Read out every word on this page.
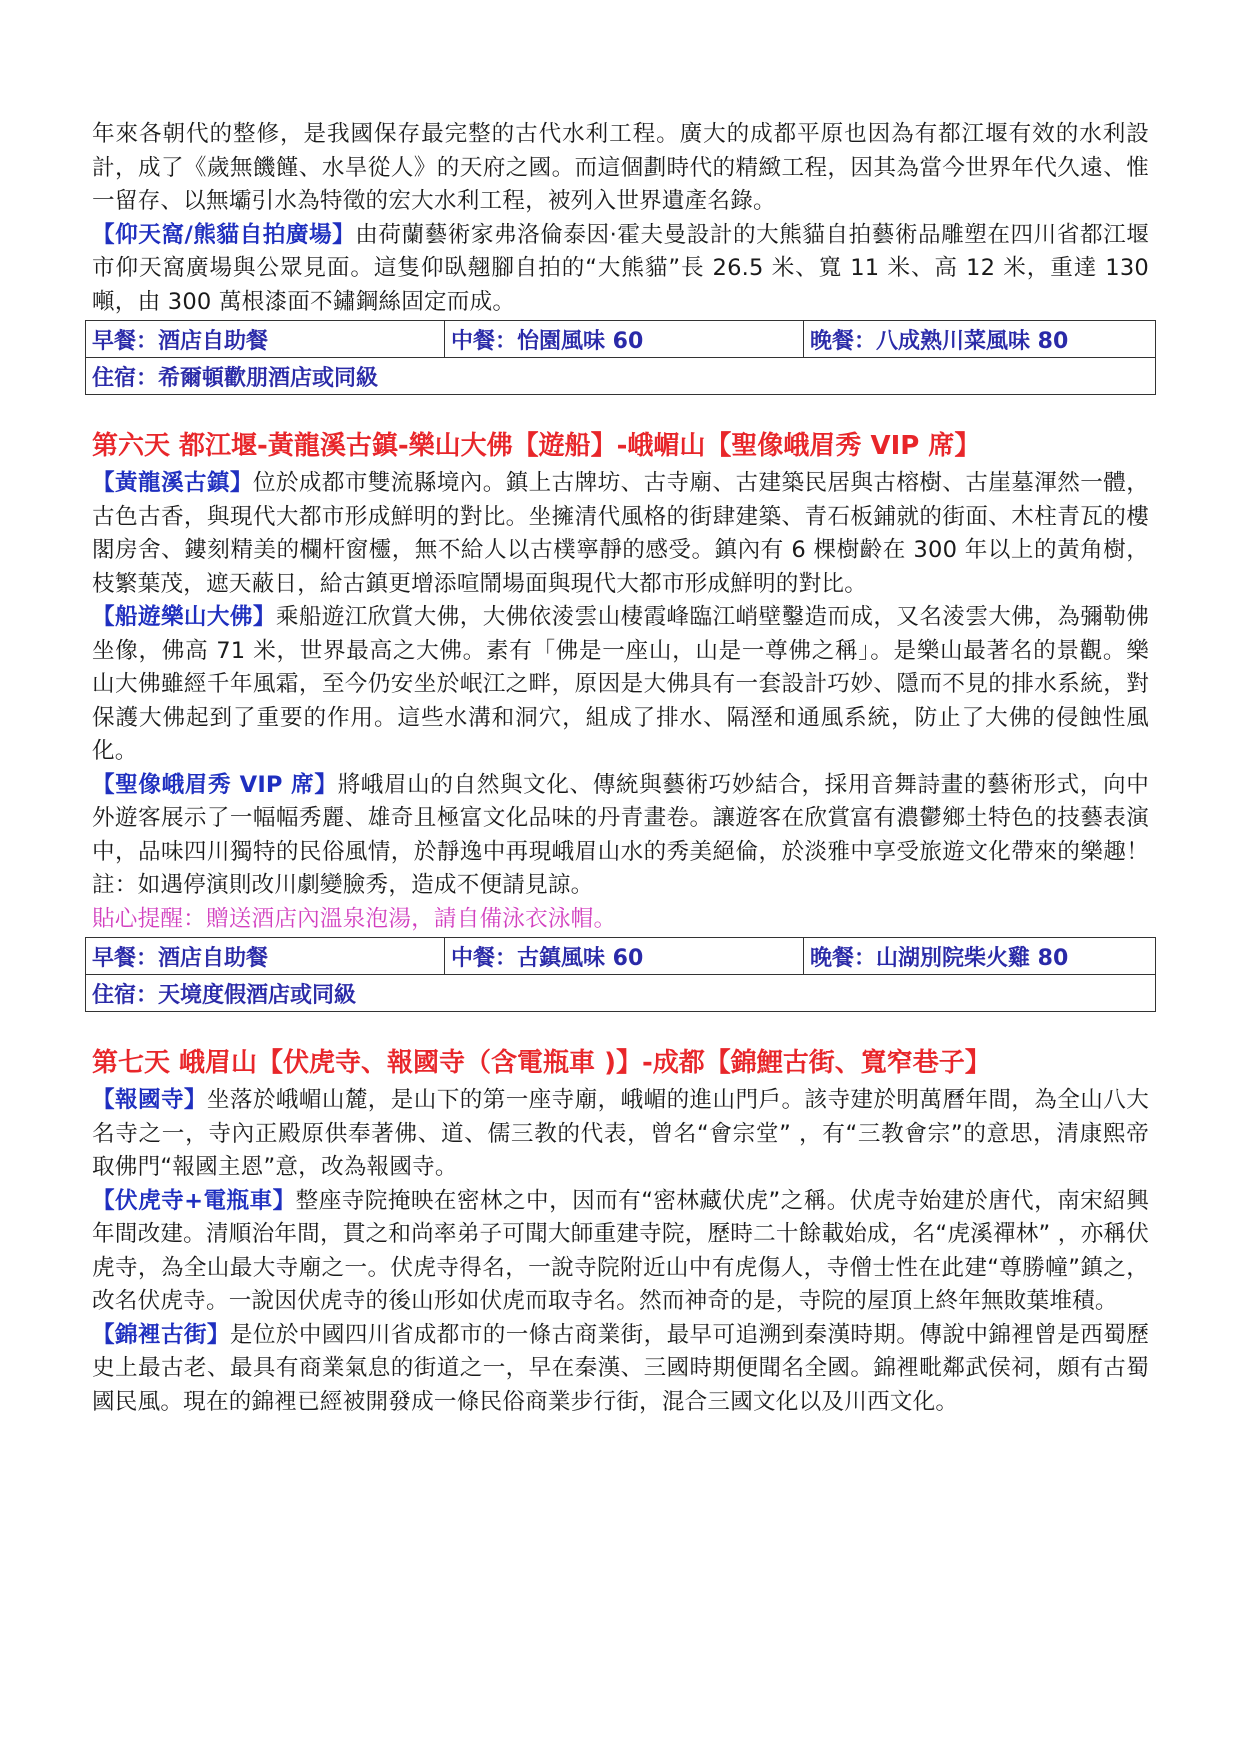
年來各朝代的整修，是我國保存最完整的古代水利工程。廣大的成都平原也因為有都江堰有效的水利設計，成了《歲無饑饉、水旱從人》的天府之國。而這個劃時代的精緻工程，因其為當今世界年代久遠、惟一留存、以無壩引水為特徵的宏大水利工程，被列入世界遺產名錄。

【仰天窩/熊貓自拍廣場】由荷蘭藝術家弗洛倫泰因·霍夫曼設計的大熊貓自拍藝術品雕塑在四川省都江堰市仰天窩廣場與公眾見面。這隻仰臥翹腳自拍的“大熊貓”長 26.5 米、寬 11 米、高 12 米，重達 130 噸，由 300 萬根漆面不鏽鋼絲固定而成。

早餐：酒店自助餐	中餐：怡園風味 60	晚餐：八成熟川菜風味 80
住宿：希爾頓歡朋酒店或同級
第六天 都江堰-黃龍溪古鎮-樂山大佛【遊船】-峨嵋山【聖像峨眉秀 VIP 席】

【黃龍溪古鎮】位於成都市雙流縣境內。鎮上古牌坊、古寺廟、古建築民居與古榕樹、古崖墓渾然一體，古色古香，與現代大都市形成鮮明的對比。坐擁清代風格的街肆建築、青石板鋪就的街面、木柱青瓦的樓閣房舍、鏤刻精美的欄杆窗欞，無不給人以古樸寧靜的感受。鎮內有 6 棵樹齡在 300 年以上的黃角樹，枝繁葉茂，遮天蔽日，給古鎮更增添喧鬧場面與現代大都市形成鮮明的對比。

【船遊樂山大佛】乘船遊江欣賞大佛，大佛依淩雲山棲霞峰臨江峭壁鑿造而成，又名淩雲大佛，為彌勒佛坐像，佛高 71 米，世界最高之大佛。素有「佛是一座山，山是一尊佛之稱」。是樂山最著名的景觀。樂山大佛雖經千年風霜，至今仍安坐於岷江之畔，原因是大佛具有一套設計巧妙、隱而不見的排水系統，對保護大佛起到了重要的作用。這些水溝和洞穴，組成了排水、隔溼和通風系統，防止了大佛的侵蝕性風化。

【聖像峨眉秀 VIP 席】將峨眉山的自然與文化、傳統與藝術巧妙結合，採用音舞詩畫的藝術形式，向中外遊客展示了一幅幅秀麗、雄奇且極富文化品味的丹青畫卷。讓遊客在欣賞富有濃鬱鄉土特色的技藝表演中，品味四川獨特的民俗風情，於靜逸中再現峨眉山水的秀美絕倫，於淡雅中享受旅遊文化帶來的樂趣！註：如遇停演則改川劇變臉秀，造成不便請見諒。

貼心提醒：贈送酒店內溫泉泡湯，請自備泳衣泳帽。

早餐：酒店自助餐	中餐：古鎮風味 60	晚餐：山湖別院柴火雞 80
住宿：天境度假酒店或同級
第七天 峨眉山【伏虎寺、報國寺（含電瓶車 )】-成都【錦鯉古街、寬窄巷子】

【報國寺】坐落於峨嵋山麓，是山下的第一座寺廟，峨嵋的進山門戶。該寺建於明萬曆年間，為全山八大名寺之一，寺內正殿原供奉著佛、道、儒三教的代表，曾名“會宗堂” ，有“三教會宗”的意思，清康熙帝取佛門“報國主恩”意，改為報國寺。

【伏虎寺+電瓶車】整座寺院掩映在密林之中，因而有“密林藏伏虎”之稱。伏虎寺始建於唐代，南宋紹興年間改建。清順治年間，貫之和尚率弟子可聞大師重建寺院，歷時二十餘載始成，名“虎溪禪林” ，亦稱伏虎寺，為全山最大寺廟之一。伏虎寺得名，一說寺院附近山中有虎傷人，寺僧士性在此建“尊勝幢”鎮之，改名伏虎寺。一說因伏虎寺的後山形如伏虎而取寺名。然而神奇的是，寺院的屋頂上終年無敗葉堆積。

【錦裡古街】是位於中國四川省成都市的一條古商業街，最早可追溯到秦漢時期。傳說中錦裡曾是西蜀歷史上最古老、最具有商業氣息的街道之一，早在秦漢、三國時期便聞名全國。錦裡毗鄰武侯祠，頗有古蜀國民風。現在的錦裡已經被開發成一條民俗商業步行街，混合三國文化以及川西文化。
